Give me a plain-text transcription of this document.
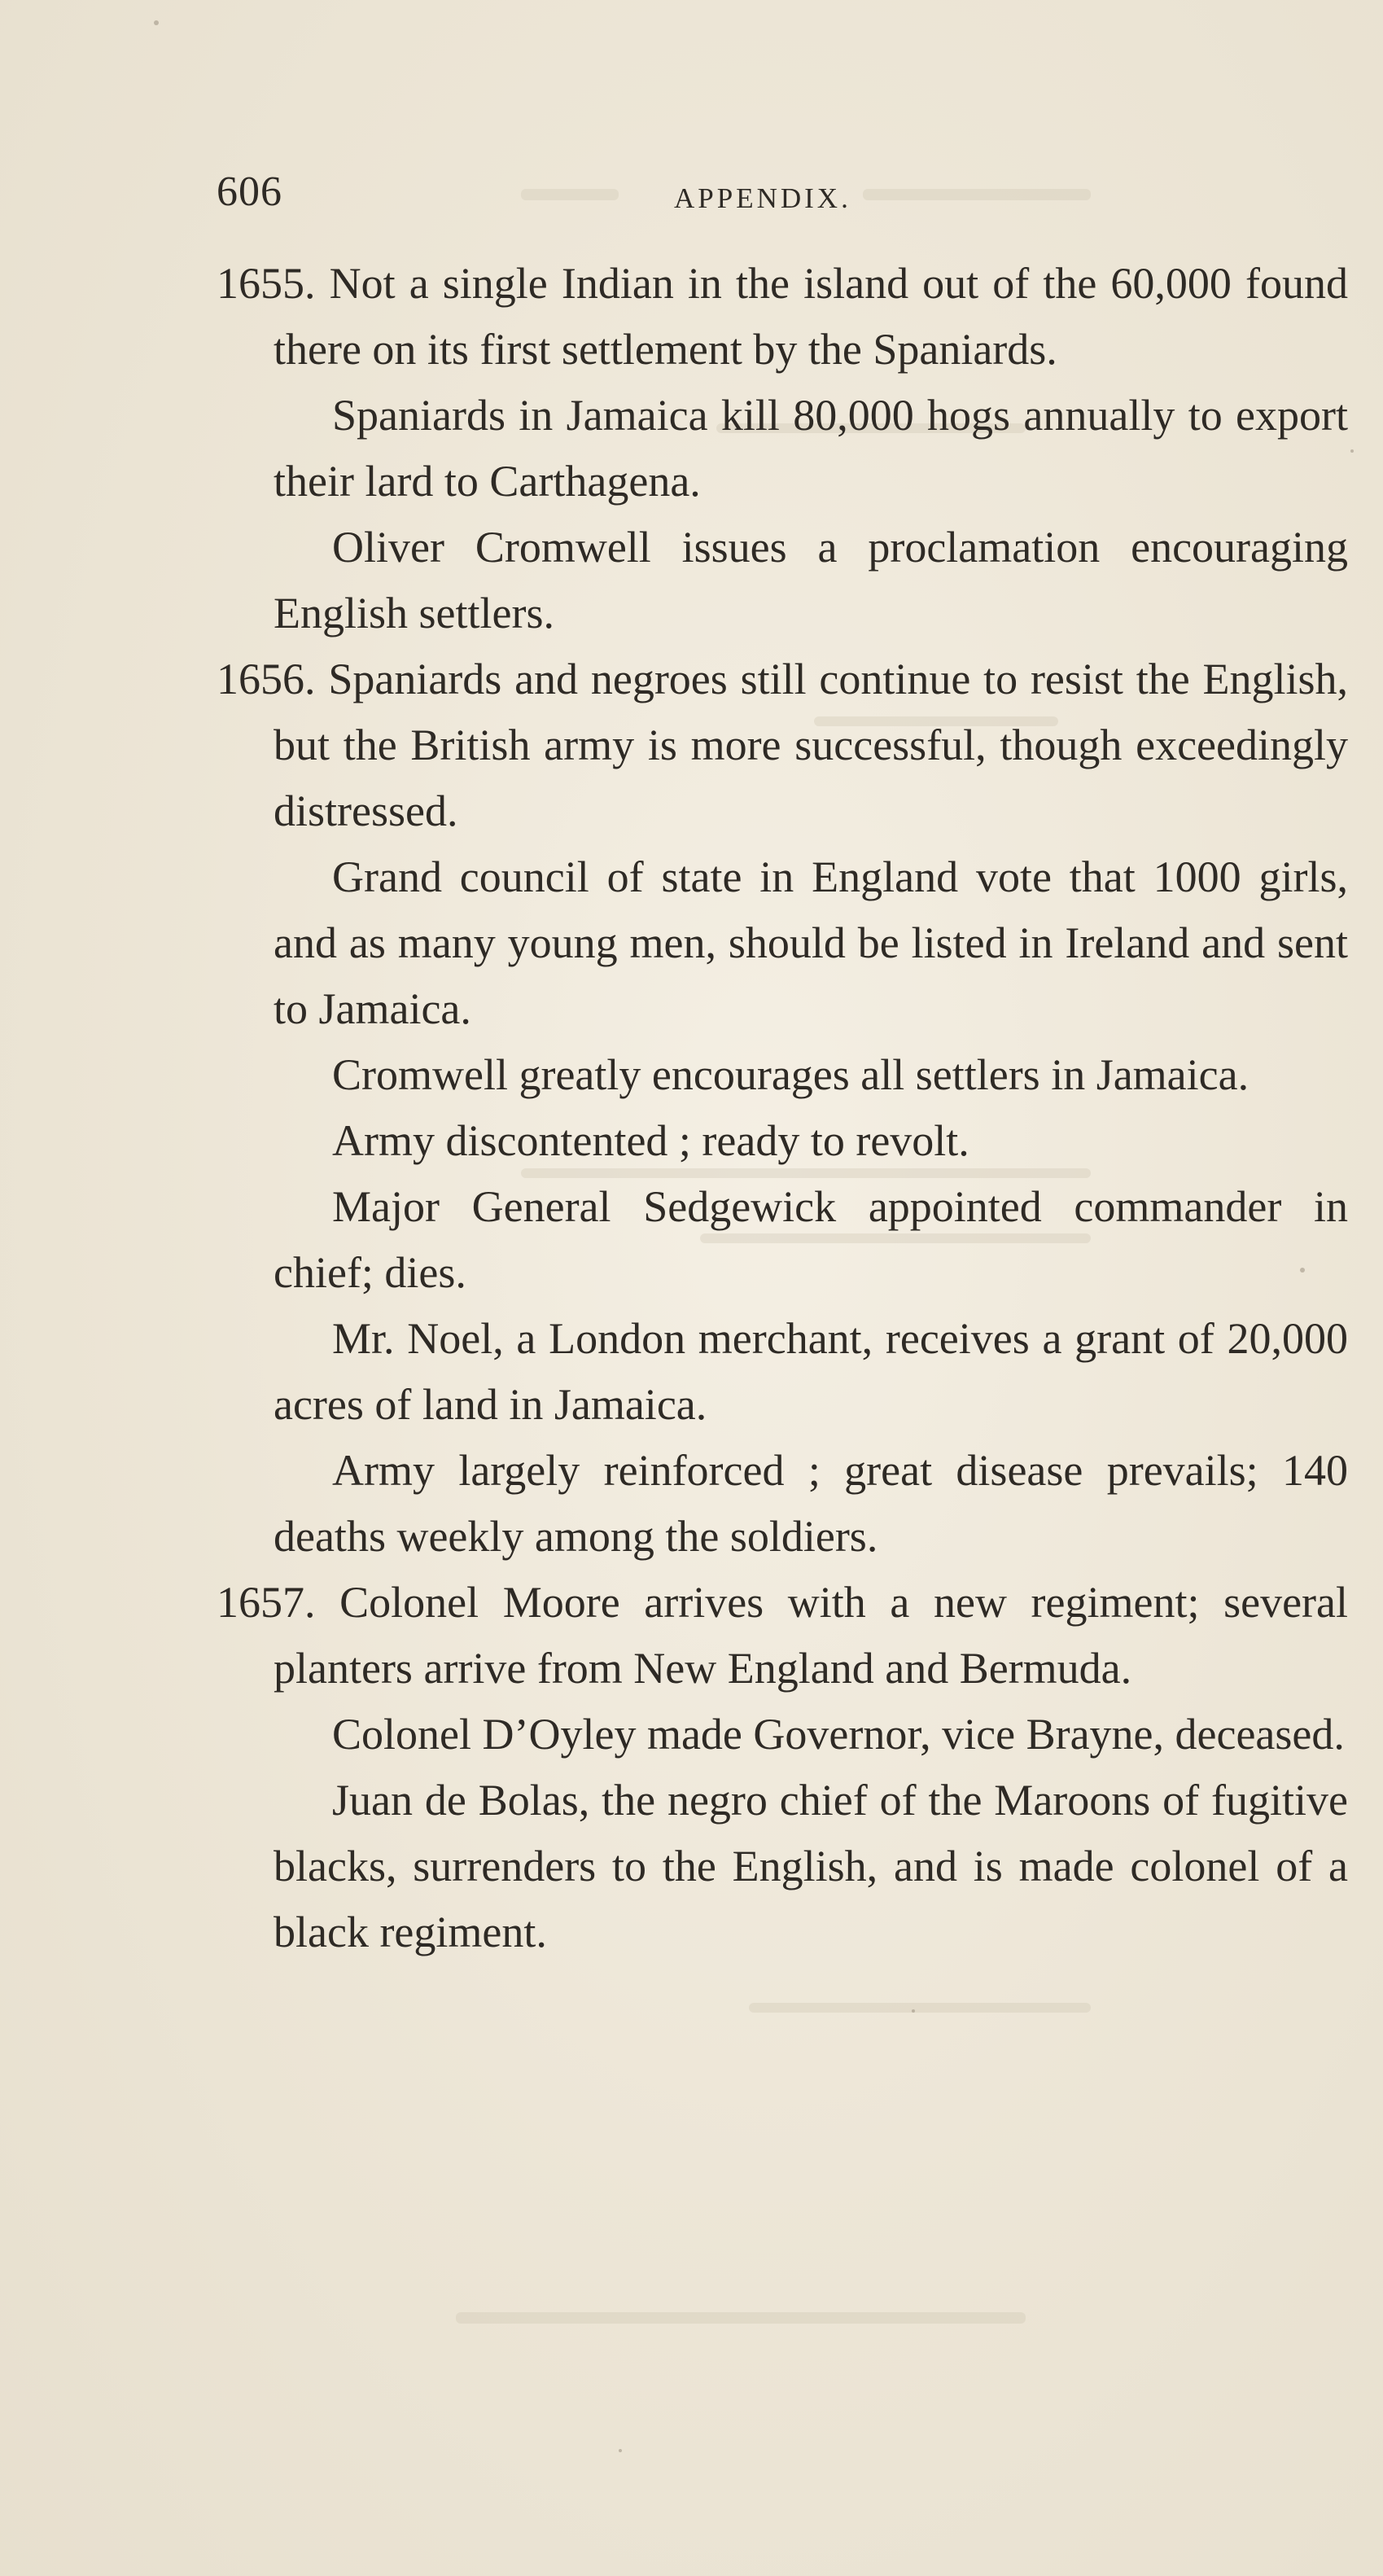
606	APPENDIX.

1655. Not a single Indian in the island out of the 60,000 found there on its first settlement by the Spaniards.

Spaniards in Jamaica kill 80,000 hogs annually to export their lard to Carthagena.

Oliver Cromwell issues a proclamation encouraging English settlers.

1656. Spaniards and negroes still continue to resist the English, but the British army is more successful, though exceedingly distressed.

Grand council of state in England vote that 1000 girls, and as many young men, should be listed in Ireland and sent to Jamaica.

Cromwell greatly encourages all settlers in Jamaica.

Army discontented ; ready to revolt.

Major General Sedgewick appointed commander in chief; dies.

Mr. Noel, a London merchant, receives a grant of 20,000 acres of land in Jamaica.

Army largely reinforced ; great disease prevails; 140 deaths weekly among the soldiers.

1657. Colonel Moore arrives with a new regiment; several planters arrive from New England and Bermuda.

Colonel D’Oyley made Governor, vice Brayne, deceased.

Juan de Bolas, the negro chief of the Maroons of fugitive blacks, surrenders to the English, and is made colonel of a black regiment.
